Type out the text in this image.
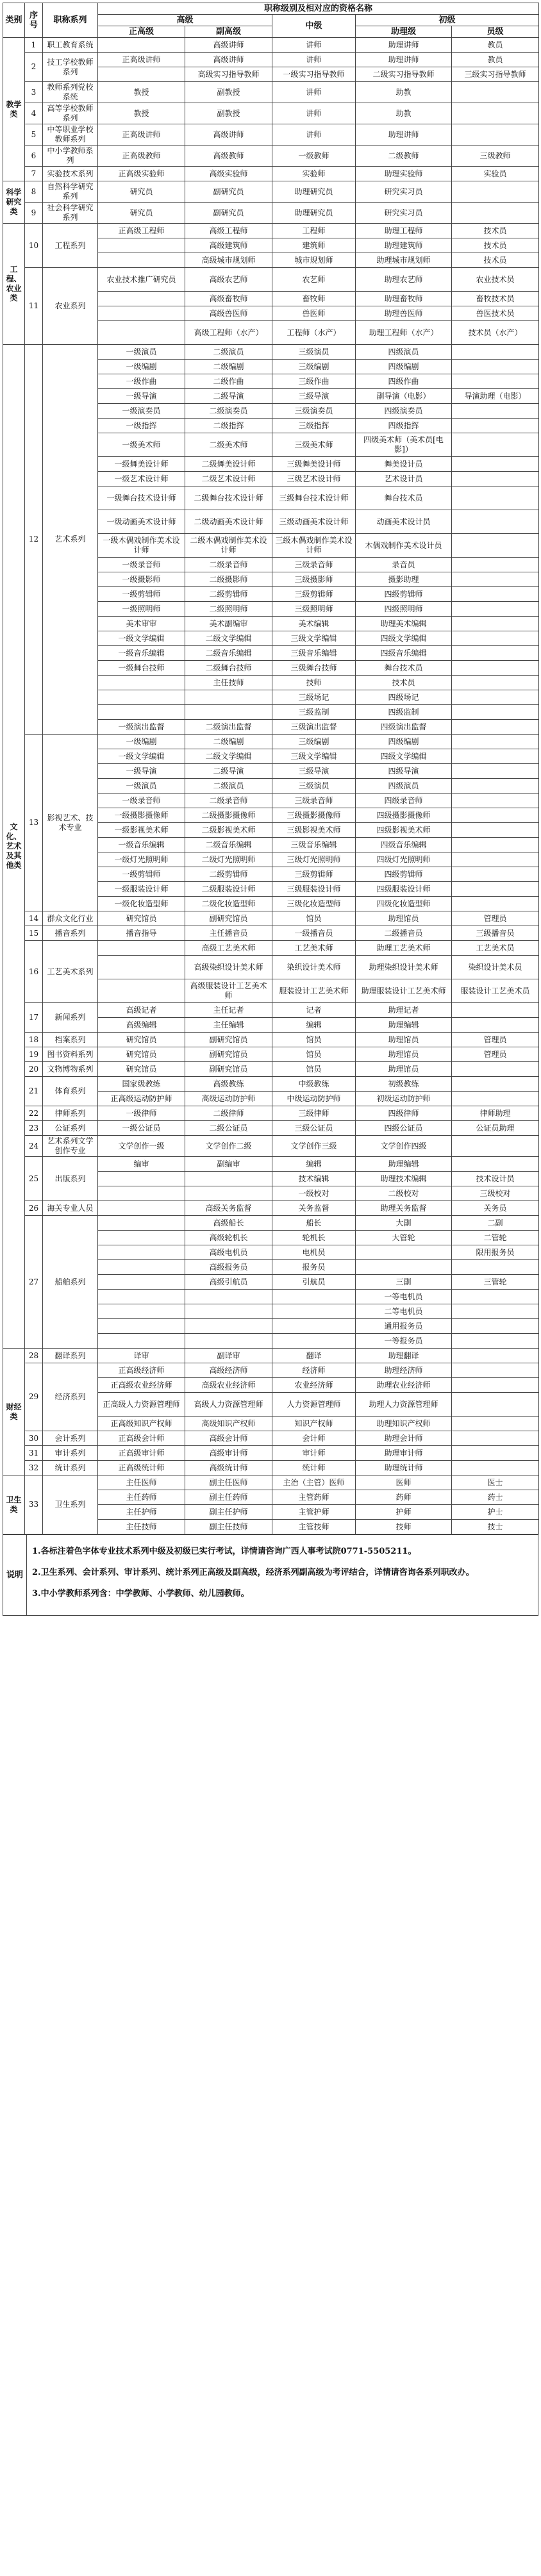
类别	序号	职称系列	职称级别及相对应的资格名称				
			高级		中级	初级	
			正高级	副高级		助理级	员级
教学类	1	职工教育系统		高级讲师	讲师	助理讲师	教员
	2	技工学校教师系列	正高级讲师	高级讲师	讲师	助理讲师	教员
				高级实习指导教师	一级实习指导教师	二级实习指导教师	三级实习指导教师
	3	教师系列党校系统	教授	副教授	讲师	助教	
	4	高等学校教师系列	教授	副教授	讲师	助教	
	5	中等职业学校教师系列	正高级讲师	高级讲师	讲师	助理讲师	
	6	中小学教师系列	正高级教师	高级教师	一级教师	二级教师	三级教师
	7	实验技术系列	正高级实验师	高级实验师	实验师	助理实验师	实验员
科学研究类	8	自然科学研究系列	研究员	副研究员	助理研究员	研究实习员	
	9	社会科学研究系列	研究员	副研究员	助理研究员	研究实习员	
工程、农业类	10	工程系列	正高级工程师	高级工程师	工程师	助理工程师	技术员
				高级建筑师	建筑师	助理建筑师	技术员
				高级城市规划师	城市规划师	助理城市规划师	技术员
	11	农业系列	农业技术推广研究员	高级农艺师	农艺师	助理农艺师	农业技术员
				高级畜牧师	畜牧师	助理畜牧师	畜牧技术员
				高级兽医师	兽医师	助理兽医师	兽医技术员
				高级工程师（水产）	工程师（水产）	助理工程师（水产）	技术员（水产）
文化、艺术及其他类	12	艺术系列	一级演员	二级演员	三级演员	四级演员	
			一级编剧	二级编剧	三级编剧	四级编剧	
			一级作曲	二级作曲	三级作曲	四级作曲	
			一级导演	二级导演	三级导演	副导演（电影）	导演助理（电影）
			一级演奏员	二级演奏员	三级演奏员	四级演奏员	
			一级指挥	二级指挥	三级指挥	四级指挥	
			一级美术师	二级美术师	三级美术师	四级美术师（美术员[电影]）	
			一级舞美设计师	二级舞美设计师	三级舞美设计师	舞美设计员	
			一级艺术设计师	二级艺术设计师	三级艺术设计师	艺术设计员	
			一级舞台技术设计师	二级舞台技术设计师	三级舞台技术设计师	舞台技术员	
			一级动画美术设计师	二级动画美术设计师	三级动画美术设计师	动画美术设计员	
			一级木偶戏制作美术设计师	二级木偶戏制作美术设计师	三级木偶戏制作美术设计师	木偶戏制作美术设计员	
			一级录音师	二级录音师	三级录音师	录音员	
			一级摄影师	二级摄影师	三级摄影师	摄影助理	
			一级剪辑师	二级剪辑师	三级剪辑师	四级剪辑师	
			一级照明师	二级照明师	三级照明师	四级照明师	
			美术审审	美术副编审	美术编辑	助理美术编辑	
			一级文学编辑	二级文学编辑	三级文学编辑	四级文学编辑	
			一级音乐编辑	二级音乐编辑	三级音乐编辑	四级音乐编辑	
			一级舞台技师	二级舞台技师	三级舞台技师	舞台技术员	
				主任技师	技师	技术员	
					三级场记	四级场记	
					三级监制	四级监制	
			一级演出监督	二级演出监督	三级演出监督	四级演出监督	
	13	影视艺术、技术专业	一级编剧	二级编剧	三级编剧	四级编剧	
			一级文学编辑	二级文学编辑	三级文学编辑	四级文学编辑	
			一级导演	二级导演	三级导演	四级导演	
			一级演员	二级演员	三级演员	四级演员	
			一级录音师	二级录音师	三级录音师	四级录音师	
			一级摄影摄像师	二级摄影摄像师	三级摄影摄像师	四级摄影摄像师	
			一级影视美术师	二级影视美术师	三级影视美术师	四级影视美术师	
			一级音乐编辑	二级音乐编辑	三级音乐编辑	四级音乐编辑	
			一级灯光照明师	二级灯光照明师	三级灯光照明师	四级灯光照明师	
			一级剪辑师	二级剪辑师	三级剪辑师	四级剪辑师	
			一级服装设计师	二级服装设计师	三级服装设计师	四级服装设计师	
			一级化妆造型师	二级化妆造型师	三级化妆造型师	四级化妆造型师	
	14	群众文化行业	研究馆员	副研究馆员	馆员	助理馆员	管理员
	15	播音系列	播音指导	主任播音员	一级播音员	二级播音员	三级播音员
	16	工艺美术系列		高级工艺美术师	工艺美术师	助理工艺美术师	工艺美术员
				高级染织设计美术师	染织设计美术师	助理染织设计美术师	染织设计美术员
				高级服装设计工艺美术师	服装设计工艺美术师	助理服装设计工艺美术师	服装设计工艺美术员
	17	新闻系列	高级记者	主任记者	记者	助理记者	
			高级编辑	主任编辑	编辑	助理编辑	
	18	档案系列	研究馆员	副研究馆员	馆员	助理馆员	管理员
	19	图书资料系列	研究馆员	副研究馆员	馆员	助理馆员	管理员
	20	文物博物系列	研究馆员	副研究馆员	馆员	助理馆员	
	21	体育系列	国家级教练	高级教练	中级教练	初级教练	
			正高级运动防护师	高级运动防护师	中级运动防护师	初级运动防护师	
	22	律师系列	一级律师	二级律师	三级律师	四级律师	律师助理
	23	公证系列	一级公证员	二级公证员	三级公证员	四级公证员	公证员助理
	24	艺术系列文学创作专业	文学创作一级	文学创作二级	文学创作三级	文学创作四级	
	25	出版系列	编审	副编审	编辑	助理编辑	
					技术编辑	助理技术编辑	技术设计员
					一级校对	二级校对	三级校对
	26	海关专业人员		高级关务监督	关务监督	助理关务监督	关务员
	27	船舶系列		高级船长	船长	大副	二副
				高级轮机长	轮机长	大管轮	二管轮
				高级电机员	电机员		限用报务员
				高级报务员	报务员		
				高级引航员	引航员	三副	三管轮
						一等电机员	
						二等电机员	
						通用报务员	
						一等报务员	
财经类	28	翻译系列	译审	副译审	翻译	助理翻译	
	29	经济系列	正高级经济师	高级经济师	经济师	助理经济师	
			正高级农业经济师	高级农业经济师	农业经济师	助理农业经济师	
			正高级人力资源管理师	高级人力资源管理师	人力资源管理师	助理人力资源管理师	
			正高级知识产权师	高级知识产权师	知识产权师	助理知识产权师	
	30	会计系列	正高级会计师	高级会计师	会计师	助理会计师	
	31	审计系列	正高级审计师	高级审计师	审计师	助理审计师	
	32	统计系列	正高级统计师	高级统计师	统计师	助理统计师	
卫生类	33	卫生系列	主任医师	副主任医师	主治（主管）医师	医师	医士
			主任药师	副主任药师	主管药师	药师	药士
			主任护师	副主任护师	主管护师	护师	护士
			主任技师	副主任技师	主管技师	技师	技士
说明	

1.各标注着色字体专业技术系列中级及初级已实行考试，详情请咨询广西人事考试院0771-5505211。

2.卫生系列、会计系列、审计系列、统计系列正高级及副高级，经济系列副高级为考评结合，详情请咨询各系列职改办。

3.中小学教师系列含：中学教师、小学教师、幼儿园教师。
